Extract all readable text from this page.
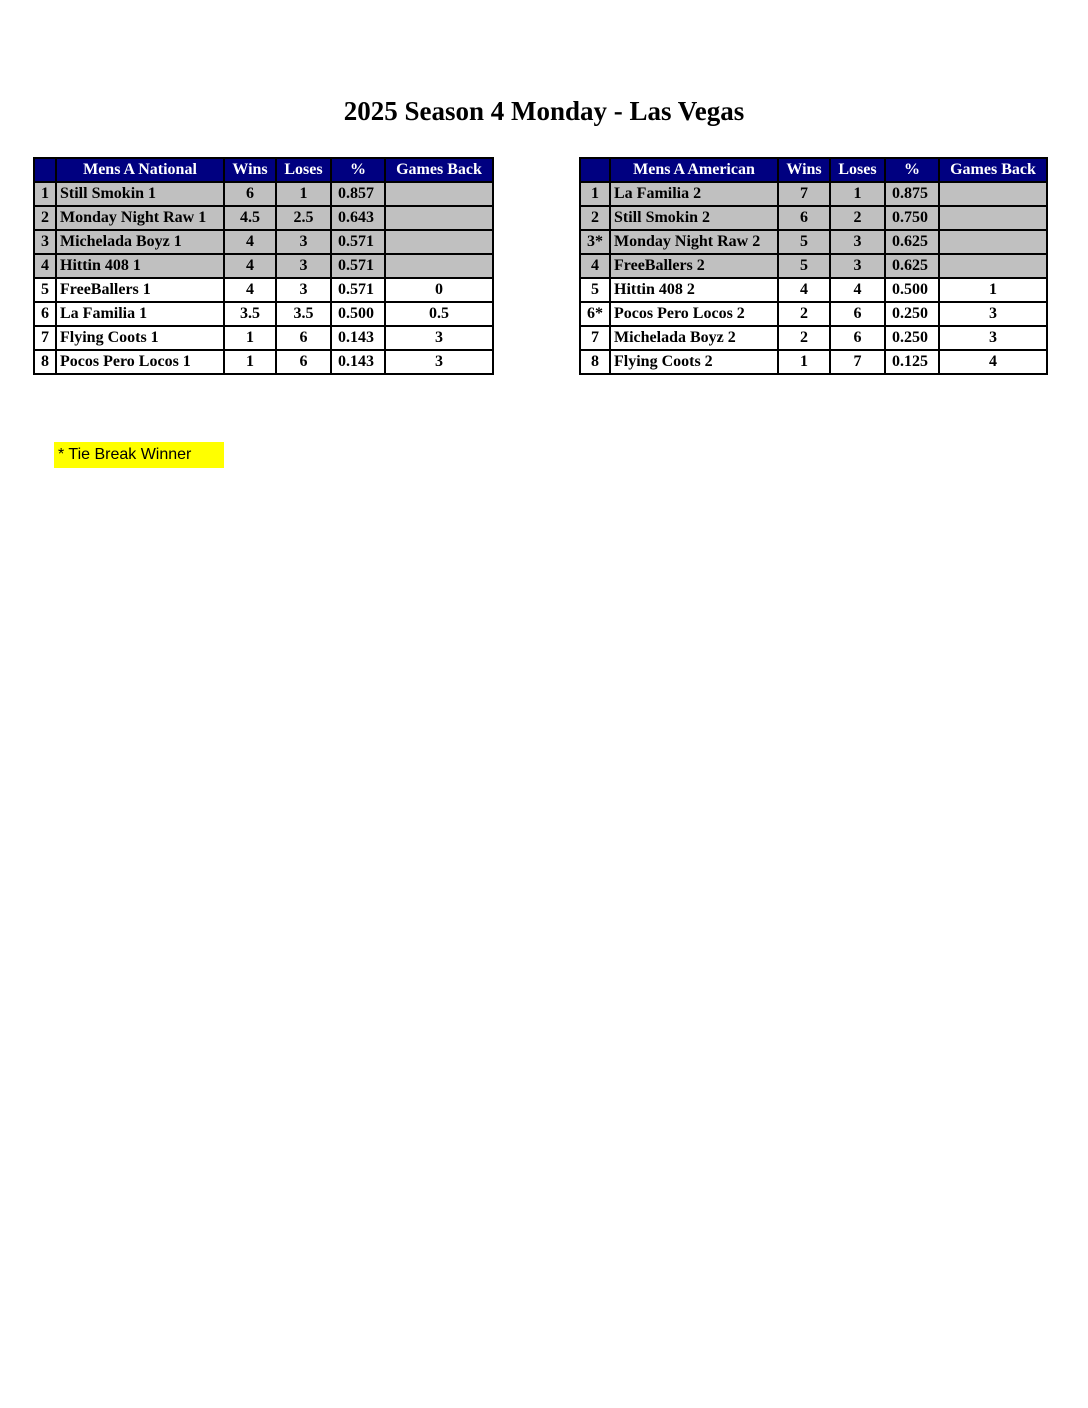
2025 Season 4 Monday - Las Vegas
	Mens A National	Wins	Loses	%	Games Back
1	Still Smokin 1	6	1	0.857	
2	Monday Night Raw 1	4.5	2.5	0.643	
3	Michelada Boyz 1	4	3	0.571	
4	Hittin 408 1	4	3	0.571	
5	FreeBallers 1	4	3	0.571	0
6	La Familia 1	3.5	3.5	0.500	0.5
7	Flying Coots 1	1	6	0.143	3
8	Pocos Pero Locos 1	1	6	0.143	3
	Mens A American	Wins	Loses	%	Games Back
1	La Familia 2	7	1	0.875	
2	Still Smokin 2	6	2	0.750	
3*	Monday Night Raw 2	5	3	0.625	
4	FreeBallers 2	5	3	0.625	
5	Hittin 408 2	4	4	0.500	1
6*	Pocos Pero Locos 2	2	6	0.250	3
7	Michelada Boyz 2	2	6	0.250	3
8	Flying Coots 2	1	7	0.125	4
* Tie Break Winner
